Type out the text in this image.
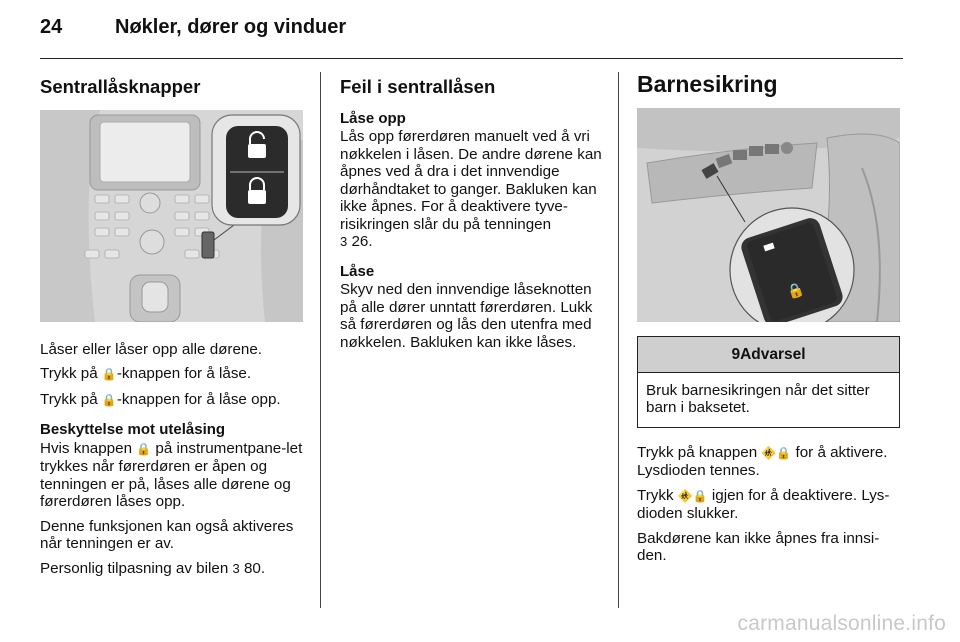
24	Nøkler, dører og vinduer
Sentrallåsknapper
Låser eller låser opp alle dørene.
Trykk på 🔒-knappen for å låse.
Trykk på 🔒-knappen for å låse opp.
Beskyttelse mot utelåsing
Hvis knappen 🔒 på instrumentpane-let trykkes når førerdøren er åpen og tenningen er på, låses alle dørene og førerdøren låses opp.
Denne funksjonen kan også aktiveres når tenningen er av.
Personlig tilpasning av bilen 3 80.
Feil i sentrallåsen
Låse opp
Lås opp førerdøren manuelt ved å vri nøkkelen i låsen. De andre dørene kan åpnes ved å dra i det innvendige dørhåndtaket to ganger. Bakluken kan ikke åpnes. For å deaktivere tyve-risikringen slår du på tenningen
3 26.
Låse
Skyv ned den innvendige låseknotten på alle dører unntatt førerdøren. Lukk så førerdøren og lås den utenfra med nøkkelen. Bakluken kan ikke låses.
Barnesikring
🔒
9Advarsel
Bruk barnesikringen når det sitter barn i baksetet.
Trykk på knappen 🚸🔒 for å aktivere. Lysdioden tennes.
Trykk 🚸🔒 igjen for å deaktivere. Lys-dioden slukker.
Bakdørene kan ikke åpnes fra innsi-den.
carmanualsonline.info
